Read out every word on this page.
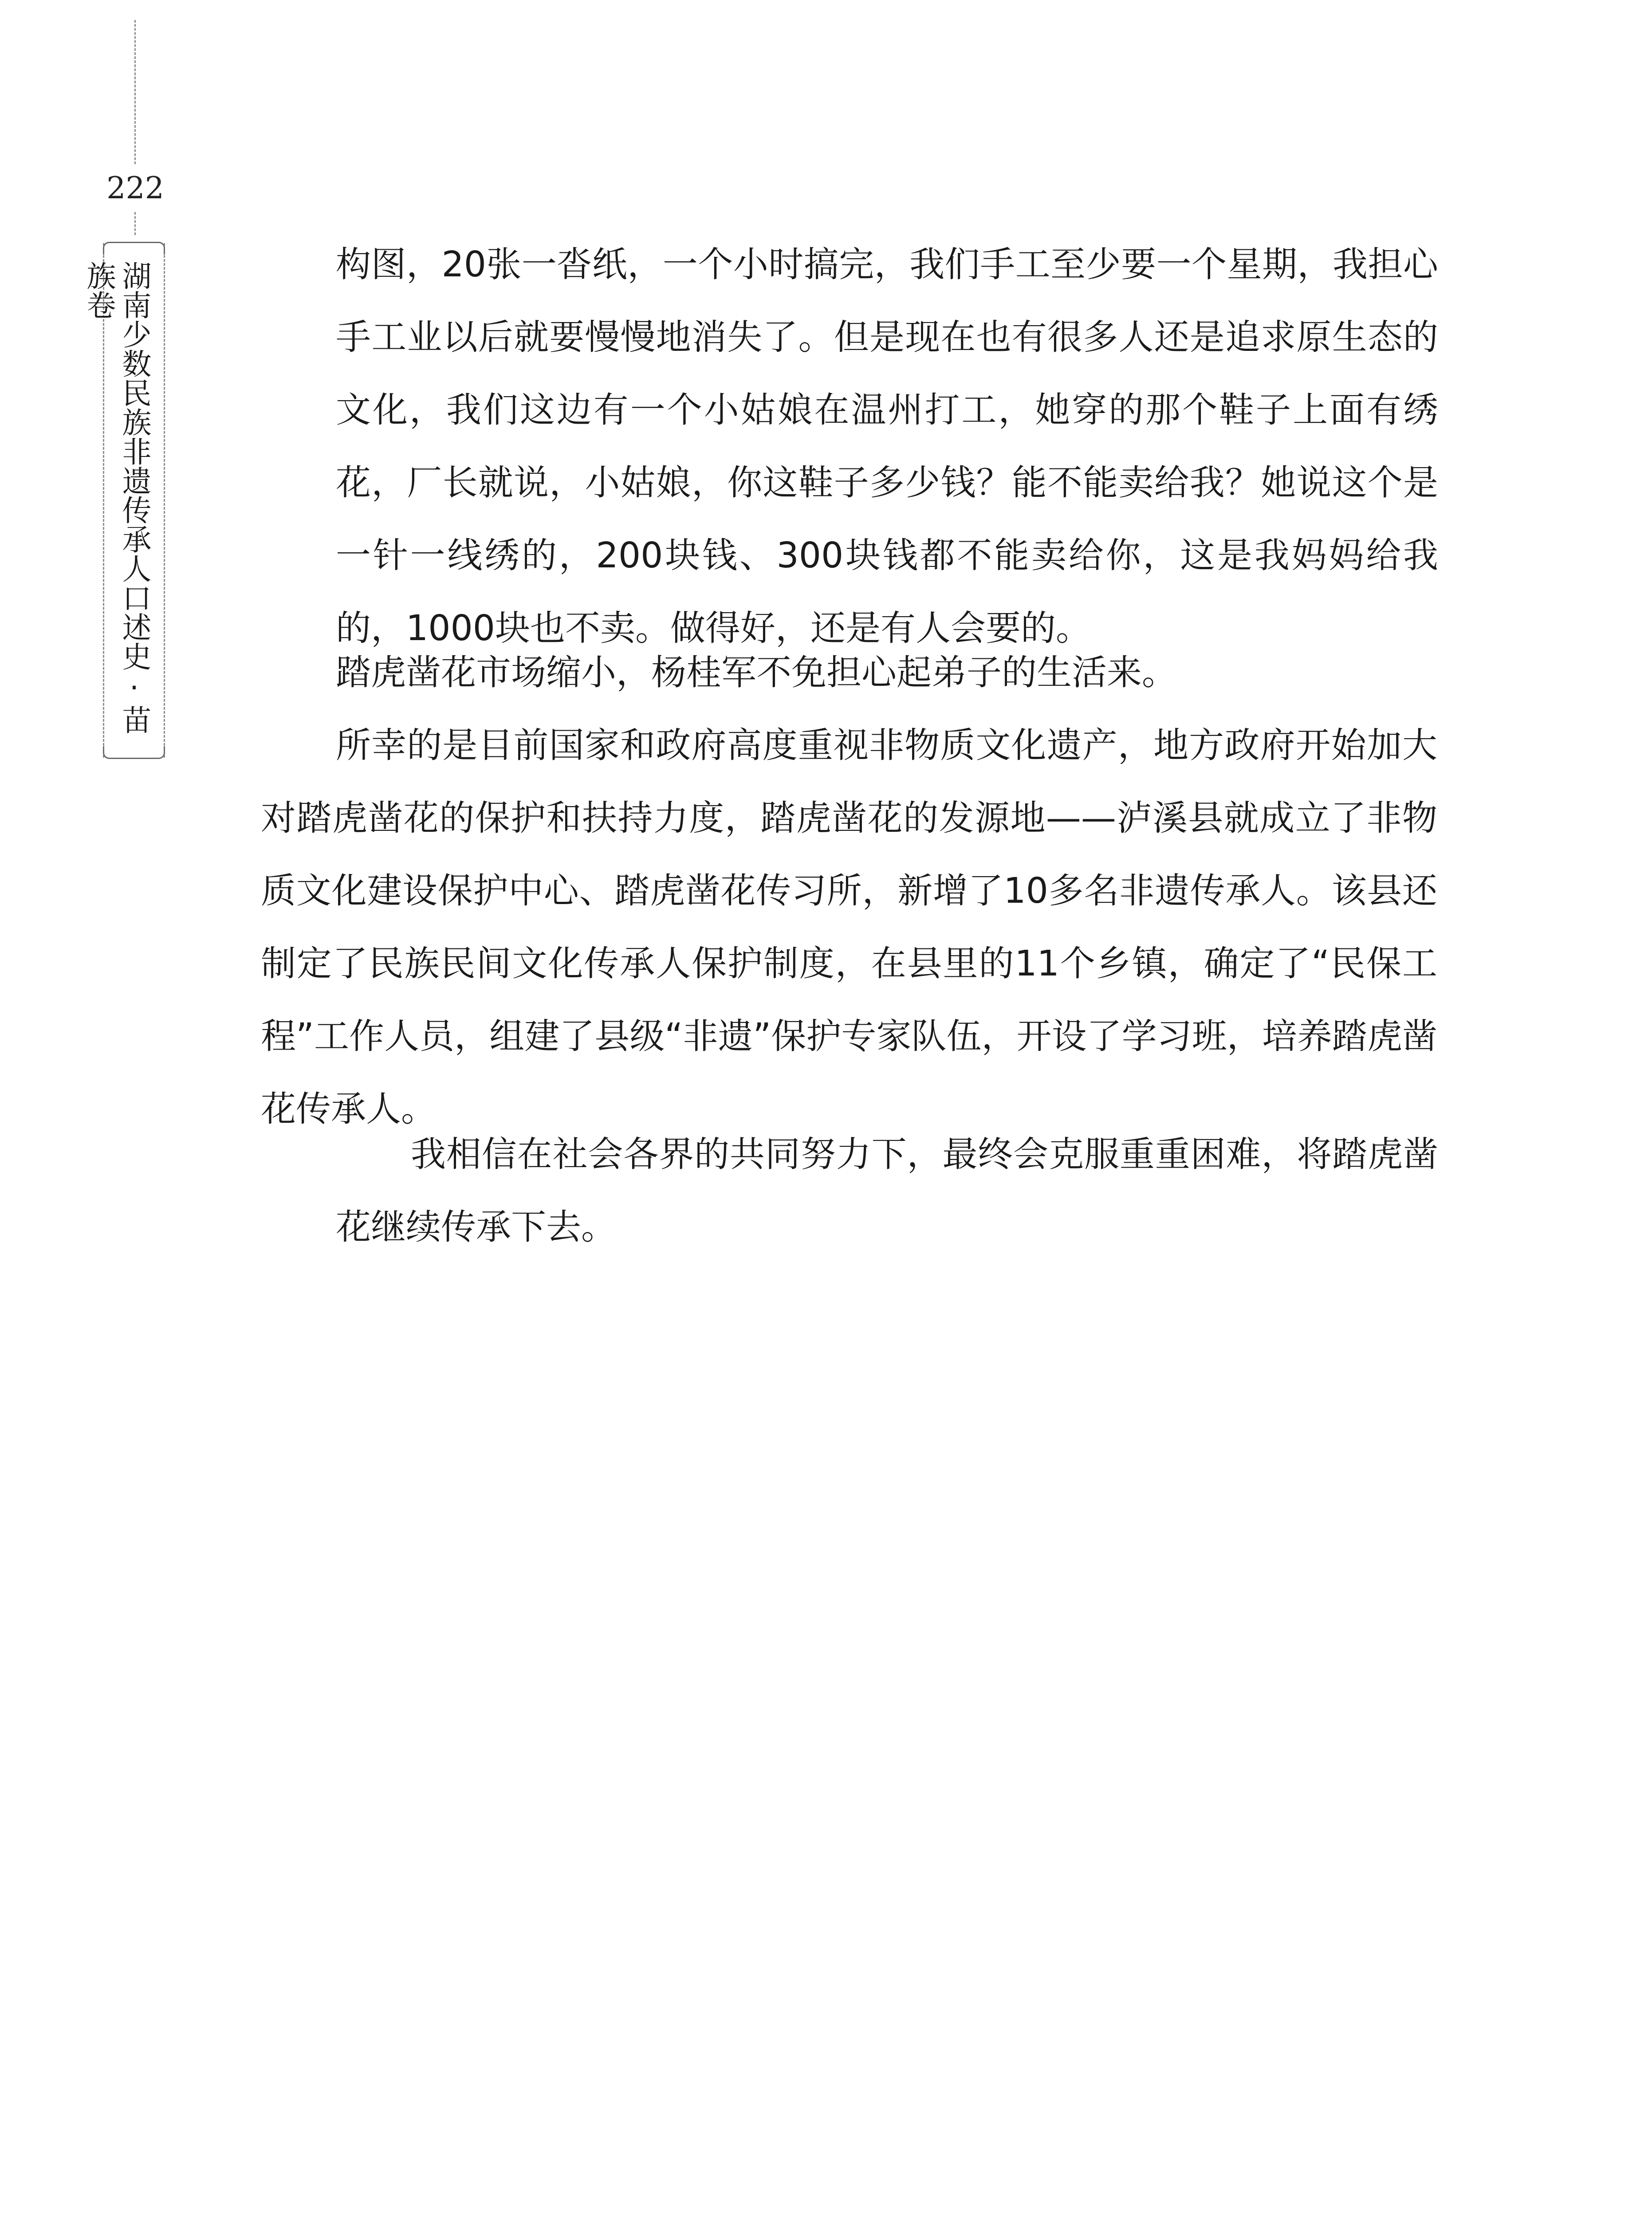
222
湖南少数民族非遗传承人口述史·苗族卷	构图，20张一沓纸，一个小时搞完，我们手工至少要一个星期，我担心手工业以后就要慢慢地消失了。但是现在也有很多人还是追求原生态的文化，我们这边有一个小姑娘在温州打工，她穿的那个鞋子上面有绣花，厂长就说，小姑娘，你这鞋子多少钱？能不能卖给我？她说这个是一针一线绣的，200块钱、300块钱都不能卖给你，这是我妈妈给我的，1000块也不卖。做得好，还是有人会要的。

踏虎凿花市场缩小，杨桂军不免担心起弟子的生活来。

所幸的是目前国家和政府高度重视非物质文化遗产，地方政府开始加大对踏虎凿花的保护和扶持力度，踏虎凿花的发源地——泸溪县就成立了非物质文化建设保护中心、踏虎凿花传习所，新增了10多名非遗传承人。该县还制定了民族民间文化传承人保护制度，在县里的11个乡镇，确定了“民保工程”工作人员，组建了县级“非遗”保护专家队伍，开设了学习班，培养踏虎凿花传承人。

我相信在社会各界的共同努力下，最终会克服重重困难，将踏虎凿花继续传承下去。
